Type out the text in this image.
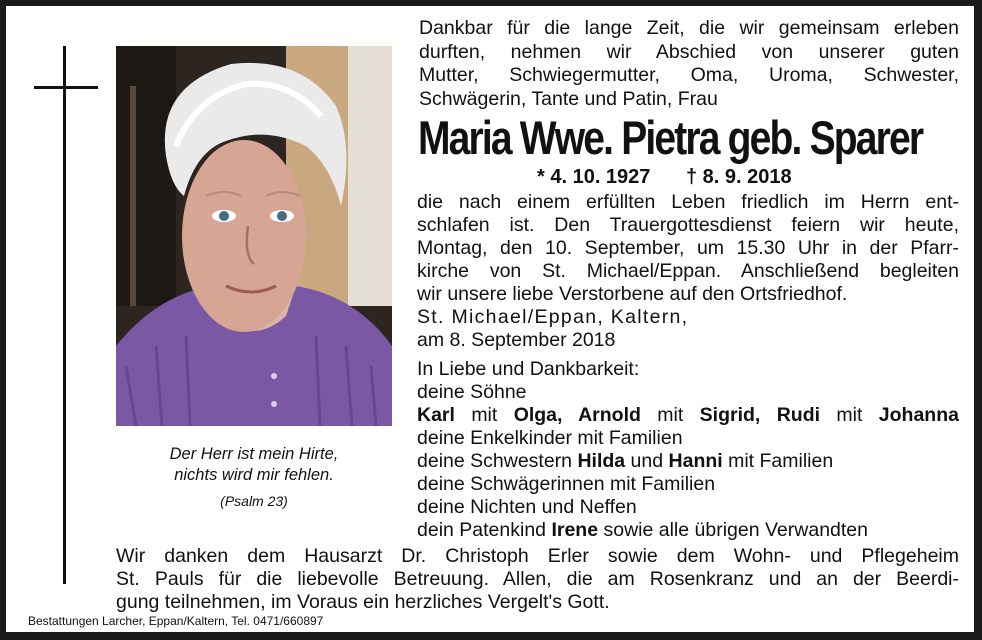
Der Herr ist mein Hirte,
nichts wird mir fehlen.
(Psalm 23)
Dankbar für die lange Zeit, die wir gemeinsam erleben
durften, nehmen wir Abschied von unserer guten
Mutter, Schwiegermutter, Oma, Uroma, Schwester,
Schwägerin, Tante und Patin, Frau
Maria Wwe. Pietra geb. Sparer
* 4. 10. 1927 † 8. 9. 2018
die nach einem erfüllten Leben friedlich im Herrn ent-
schlafen ist. Den Trauergottesdienst feiern wir heute,
Montag, den 10. September, um 15.30 Uhr in der Pfarr-
kirche von St. Michael/Eppan. Anschließend begleiten
wir unsere liebe Verstorbene auf den Ortsfriedhof.
St. Michael/Eppan, Kaltern,
am 8. September 2018
In Liebe und Dankbarkeit:
deine Söhne
Karl mit Olga, Arnold mit Sigrid, Rudi mit Johanna
deine Enkelkinder mit Familien
deine Schwestern Hilda und Hanni mit Familien
deine Schwägerinnen mit Familien
deine Nichten und Neffen
dein Patenkind Irene sowie alle übrigen Verwandten
Wir danken dem Hausarzt Dr. Christoph Erler sowie dem Wohn- und Pflegeheim
St. Pauls für die liebevolle Betreuung. Allen, die am Rosenkranz und an der Beerdi-
gung teilnehmen, im Voraus ein herzliches Vergelt's Gott.
Bestattungen Larcher, Eppan/Kaltern, Tel. 0471/660897
